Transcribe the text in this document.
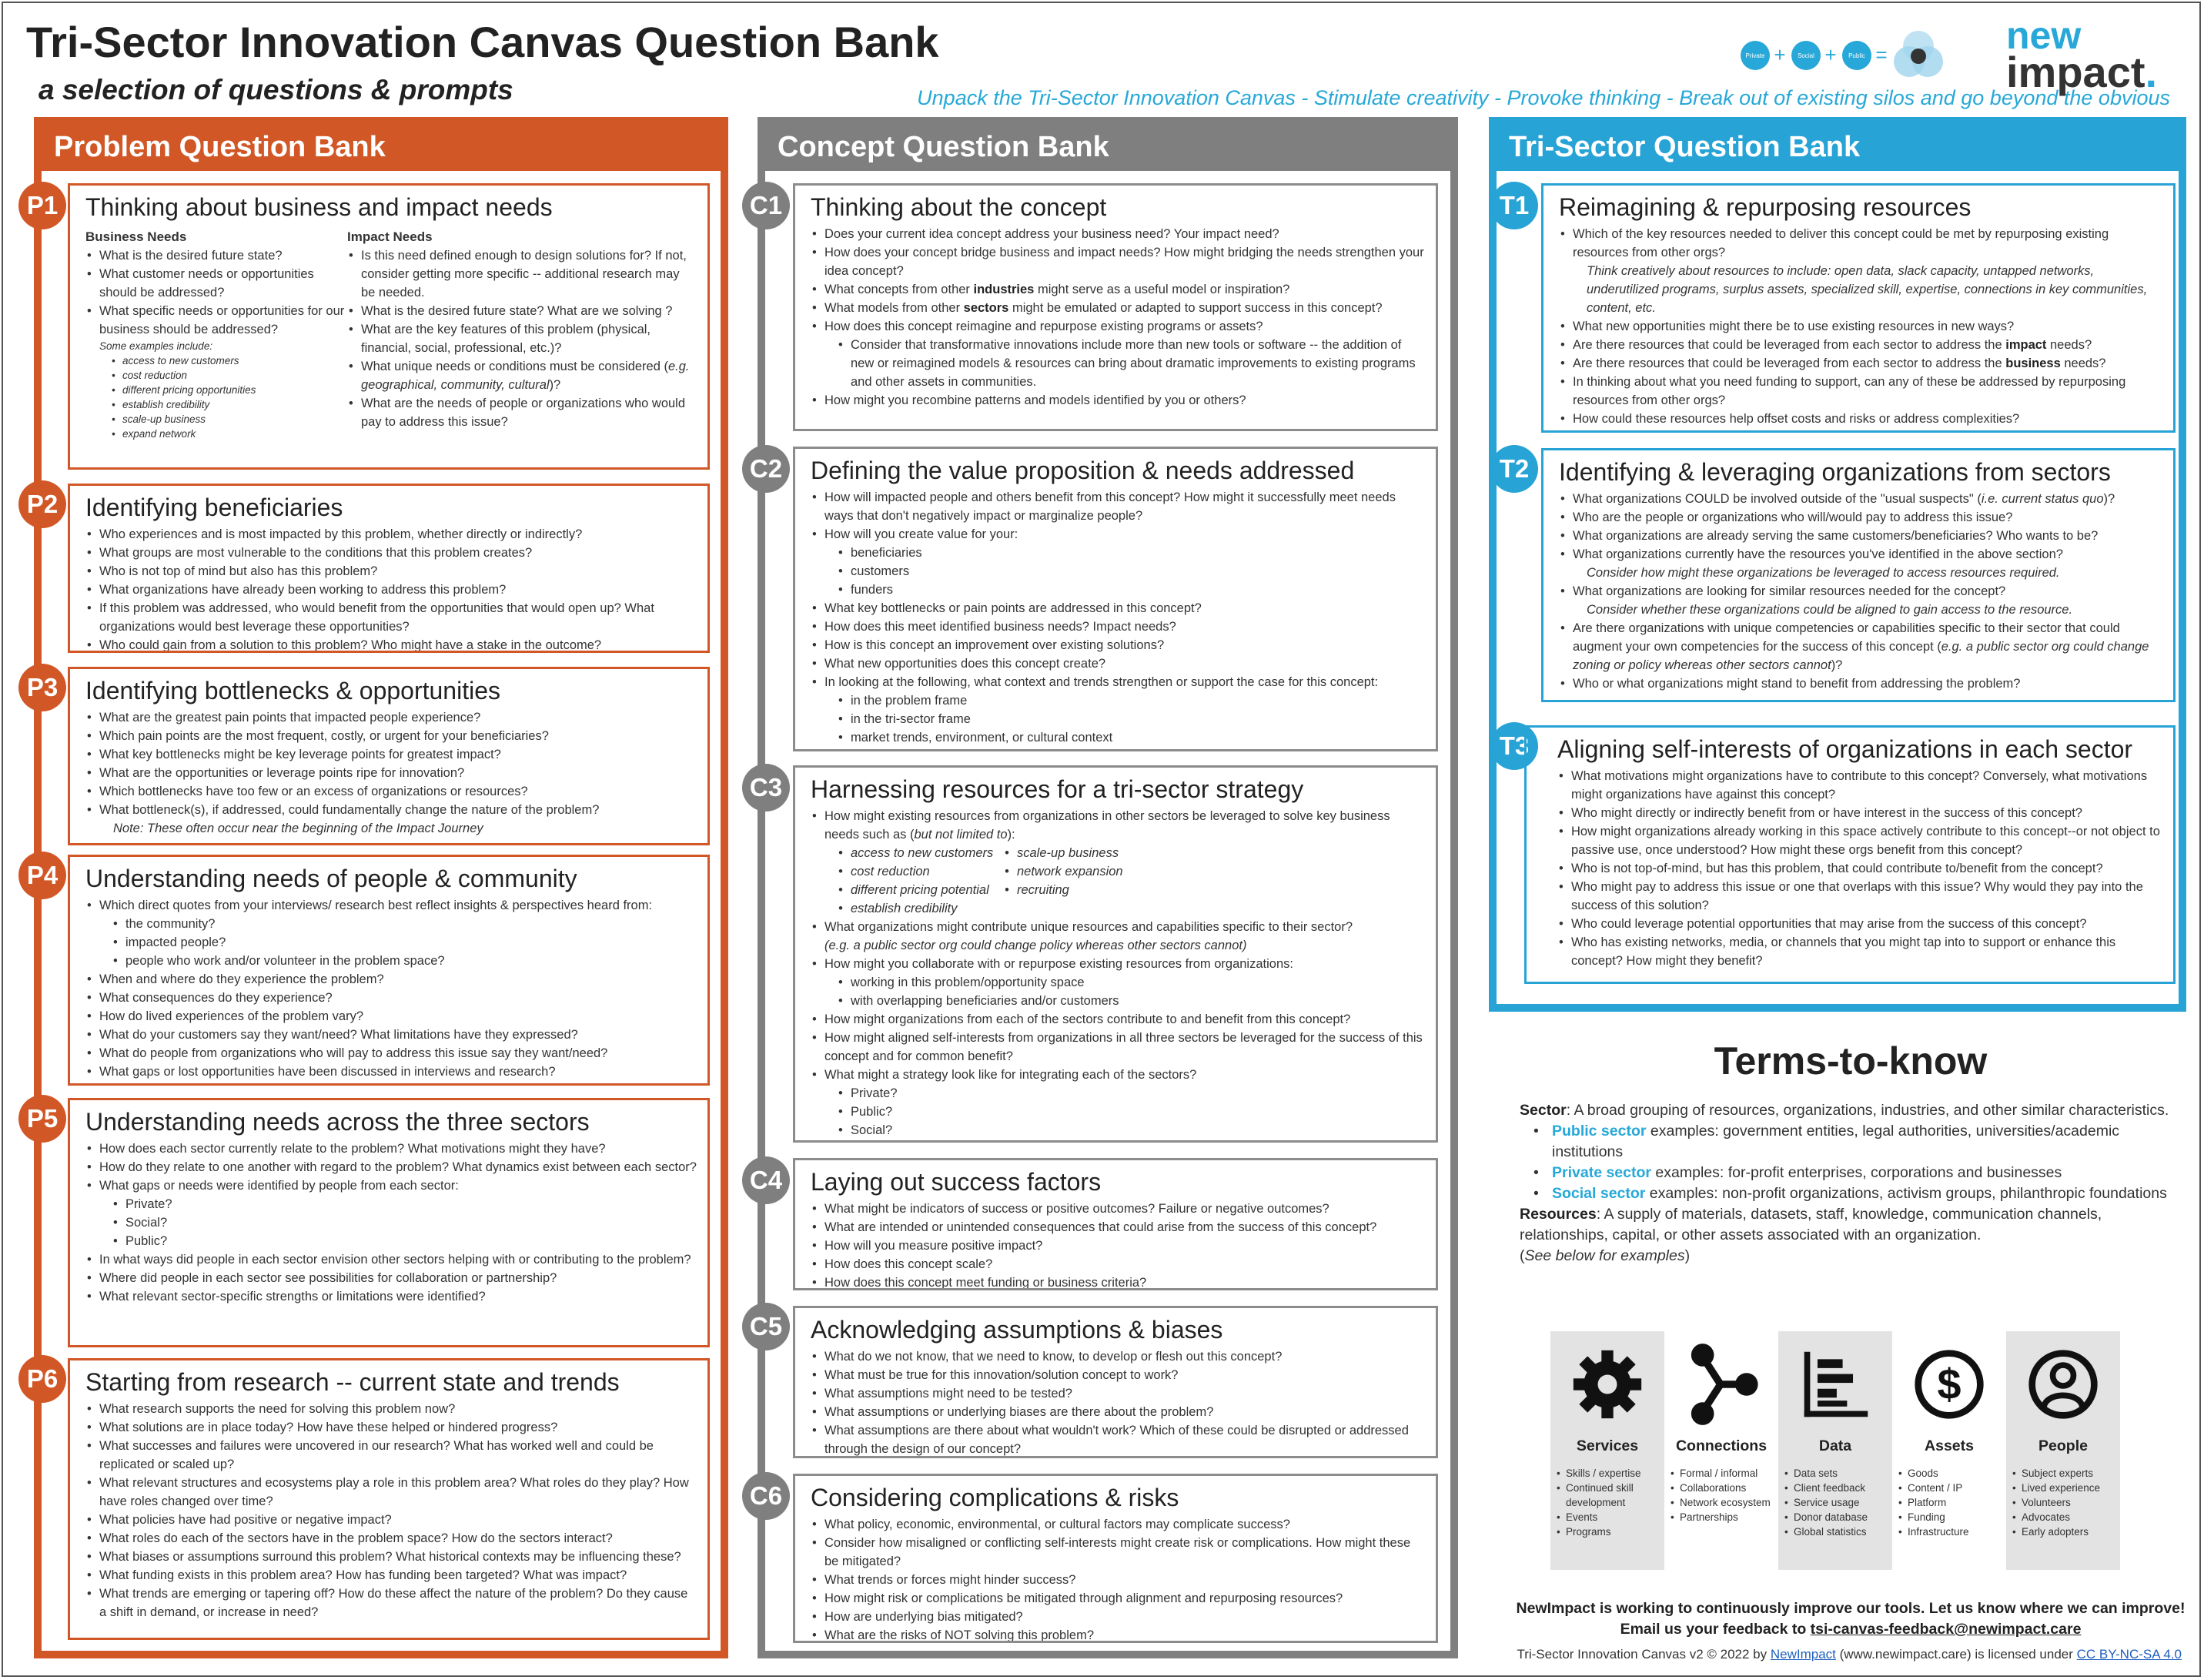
Tri-Sector Innovation Canvas Question Bank
a selection of questions & prompts	Unpack the Tri-Sector Innovation Canvas - Stimulate creativity - Provoke thinking - Break out of existing silos and go beyond the obvious
Private + Social + Public =	new
impact.
Problem Question Bank
P1	Thinking about business and impact needs
Business Needs
• What is the desired future state?
• What customer needs or opportunities should be addressed?
• What specific needs or opportunities for our business should be addressed?
Some examples include:
• access to new customers
• cost reduction
• different pricing opportunities
• establish credibility
• scale-up business
• expand network
Impact Needs
• Is this need defined enough to design solutions for? If not, consider getting more specific -- additional research may be needed.
• What is the desired future state? What are we solving ?
• What are the key features of this problem (physical, financial, social, professional, etc.)?
• What unique needs or conditions must be considered (e.g. geographical, community, cultural)?
• What are the needs of people or organizations who would pay to address this issue?
P2	Identifying beneficiaries
• Who experiences and is most impacted by this problem, whether directly or indirectly?
• What groups are most vulnerable to the conditions that this problem creates?
• Who is not top of mind but also has this problem?
• What organizations have already been working to address this problem?
• If this problem was addressed, who would benefit from the opportunities that would open up? What organizations would best leverage these opportunities?
• Who could gain from a solution to this problem? Who might have a stake in the outcome?
P3	Identifying bottlenecks & opportunities
• What are the greatest pain points that impacted people experience?
• Which pain points are the most frequent, costly, or urgent for your beneficiaries?
• What key bottlenecks might be key leverage points for greatest impact?
• What are the opportunities or leverage points ripe for innovation?
• Which bottlenecks have too few or an excess of organizations or resources?
• What bottleneck(s), if addressed, could fundamentally change the nature of the problem?
Note: These often occur near the beginning of the Impact Journey
P4	Understanding needs of people & community
• Which direct quotes from your interviews/ research best reflect insights & perspectives heard from:
• the community?
• impacted people?
• people who work and/or volunteer in the problem space?
• When and where do they experience the problem?
• What consequences do they experience?
• How do lived experiences of the problem vary?
• What do your customers say they want/need? What limitations have they expressed?
• What do people from organizations who will pay to address this issue say they want/need?
• What gaps or lost opportunities have been discussed in interviews and research?
P5	Understanding needs across the three sectors
• How does each sector currently relate to the problem? What motivations might they have?
• How do they relate to one another with regard to the problem? What dynamics exist between each sector?
• What gaps or needs were identified by people from each sector:
• Private?
• Social?
• Public?
• In what ways did people in each sector envision other sectors helping with or contributing to the problem?
• Where did people in each sector see possibilities for collaboration or partnership?
• What relevant sector-specific strengths or limitations were identified?
P6	Starting from research -- current state and trends
• What research supports the need for solving this problem now?
• What solutions are in place today? How have these helped or hindered progress?
• What successes and failures were uncovered in our research? What has worked well and could be replicated or scaled up?
• What relevant structures and ecosystems play a role in this problem area? What roles do they play? How have roles changed over time?
• What policies have had positive or negative impact?
• What roles do each of the sectors have in the problem space? How do the sectors interact?
• What biases or assumptions surround this problem? What historical contexts may be influencing these?
• What funding exists in this problem area? How has funding been targeted? What was impact?
• What trends are emerging or tapering off? How do these affect the nature of the problem? Do they cause a shift in demand, or increase in need?
Concept Question Bank
C1	Thinking about the concept
• Does your current idea concept address your business need? Your impact need?
• How does your concept bridge business and impact needs? How might bridging the needs strengthen your idea concept?
• What concepts from other industries might serve as a useful model or inspiration?
• What models from other sectors might be emulated or adapted to support success in this concept?
• How does this concept reimagine and repurpose existing programs or assets?
• Consider that transformative innovations include more than new tools or software -- the addition of new or reimagined models & resources can bring about dramatic improvements to existing programs and other assets in communities.
• How might you recombine patterns and models identified by you or others?
C2	Defining the value proposition & needs addressed
• How will impacted people and others benefit from this concept? How might it successfully meet needs ways that don't negatively impact or marginalize people?
• How will you create value for your:
• beneficiaries
• customers
• funders
• What key bottlenecks or pain points are addressed in this concept?
• How does this meet identified business needs? Impact needs?
• How is this concept an improvement over existing solutions?
• What new opportunities does this concept create?
• In looking at the following, what context and trends strengthen or support the case for this concept:
• in the problem frame
• in the tri-sector frame
• market trends, environment, or cultural context
C3	Harnessing resources for a tri-sector strategy
• How might existing resources from organizations in other sectors be leveraged to solve key business needs such as (but not limited to):
• access to new customers
• cost reduction
• different pricing potential
• establish credibility
• scale-up business
• network expansion
• recruiting
• What organizations might contribute unique resources and capabilities specific to their sector?
(e.g. a public sector org could change policy whereas other sectors cannot)
• How might you collaborate with or repurpose existing resources from organizations:
• working in this problem/opportunity space
• with overlapping beneficiaries and/or customers
• How might organizations from each of the sectors contribute to and benefit from this concept?
• How might aligned self-interests from organizations in all three sectors be leveraged for the success of this concept and for common benefit?
• What might a strategy look like for integrating each of the sectors?
• Private?
• Public?
• Social?
C4	Laying out success factors
• What might be indicators of success or positive outcomes? Failure or negative outcomes?
• What are intended or unintended consequences that could arise from the success of this concept?
• How will you measure positive impact?
• How does this concept scale?
• How does this concept meet funding or business criteria?
C5	Acknowledging assumptions & biases
• What do we not know, that we need to know, to develop or flesh out this concept?
• What must be true for this innovation/solution concept to work?
• What assumptions might need to be tested?
• What assumptions or underlying biases are there about the problem?
• What assumptions are there about what wouldn't work? Which of these could be disrupted or addressed through the design of our concept?
C6	Considering complications & risks
• What policy, economic, environmental, or cultural factors may complicate success?
• Consider how misaligned or conflicting self-interests might create risk or complications. How might these be mitigated?
• What trends or forces might hinder success?
• How might risk or complications be mitigated through alignment and repurposing resources?
• How are underlying bias mitigated?
• What are the risks of NOT solving this problem?
Tri-Sector Question Bank
T1	Reimagining & repurposing resources
• Which of the key resources needed to deliver this concept could be met by repurposing existing resources from other orgs?
Think creatively about resources to include: open data, slack capacity, untapped networks, underutilized programs, surplus assets, specialized skill, expertise, connections in key communities, content, etc.
• What new opportunities might there be to use existing resources in new ways?
• Are there resources that could be leveraged from each sector to address the impact needs?
• Are there resources that could be leveraged from each sector to address the business needs?
• In thinking about what you need funding to support, can any of these be addressed by repurposing resources from other orgs?
• How could these resources help offset costs and risks or address complexities?
T2	Identifying & leveraging organizations from sectors
• What organizations COULD be involved outside of the "usual suspects" (i.e. current status quo)?
• Who are the people or organizations who will/would pay to address this issue?
• What organizations are already serving the same customers/beneficiaries? Who wants to be?
• What organizations currently have the resources you've identified in the above section?
Consider how might these organizations be leveraged to access resources required.
• What organizations are looking for similar resources needed for the concept?
Consider whether these organizations could be aligned to gain access to the resource.
• Are there organizations with unique competencies or capabilities specific to their sector that could augment your own competencies for the success of this concept (e.g. a public sector org could change zoning or policy whereas other sectors cannot)?
• Who or what organizations might stand to benefit from addressing the problem?
T3	Aligning self-interests of organizations in each sector
• What motivations might organizations have to contribute to this concept? Conversely, what motivations might organizations have against this concept?
• Who might directly or indirectly benefit from or have interest in the success of this concept?
• How might organizations already working in this space actively contribute to this concept--or not object to passive use, once understood? How might these orgs benefit from this concept?
• Who is not top-of-mind, but has this problem, that could contribute to/benefit from the concept?
• Who might pay to address this issue or one that overlaps with this issue? Why would they pay into the success of this solution?
• Who could leverage potential opportunities that may arise from the success of this concept?
• Who has existing networks, media, or channels that you might tap into to support or enhance this concept? How might they benefit?
Terms-to-know

Sector: A broad grouping of resources, organizations, industries, and other similar characteristics.

• Public sector examples: government entities, legal authorities, universities/academic institutions
• Private sector examples: for-profit enterprises, corporations and businesses
• Social sector examples: non-profit organizations, activism groups, philanthropic foundations

Resources: A supply of materials, datasets, staff, knowledge, communication channels, relationships, capital, or other assets associated with an organization.

(See below for examples)

Services
• Skills / expertise
• Continued skill development
• Events
• Programs
Connections
• Formal / informal
• Collaborations
• Network ecosystem
• Partnerships
Data
• Data sets
• Client feedback
• Service usage
• Donor database
• Global statistics
$
Assets
• Goods
• Content / IP
• Platform
• Funding
• Infrastructure
People
• Subject experts
• Lived experience
• Volunteers
• Advocates
• Early adopters
NewImpact is working to continuously improve our tools. Let us know where we can improve!
Email us your feedback to tsi-canvas-feedback@newimpact.care
Tri-Sector Innovation Canvas v2 © 2022 by NewImpact (www.newimpact.care) is licensed under CC BY-NC-SA 4.0
